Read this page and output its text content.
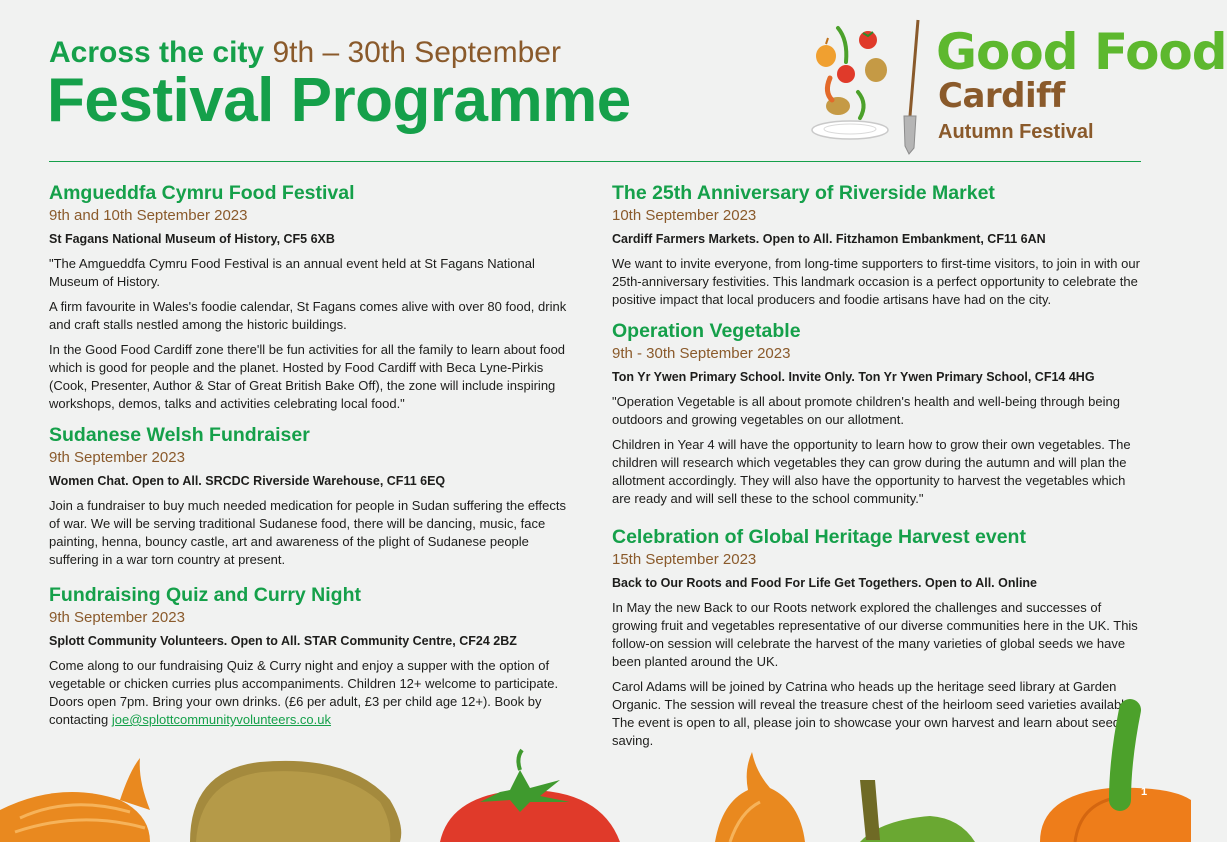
Across the city 9th – 30th September
Festival Programme
Good Food
Cardiff
Autumn Festival

Amgueddfa Cymru Food Festival

9th and 10th September 2023

St Fagans National Museum of History, CF5 6XB

"The Amgueddfa Cymru Food Festival is an annual event held at St Fagans National Museum of History.

A firm favourite in Wales's foodie calendar, St Fagans comes alive with over 80 food, drink and craft stalls nestled among the historic buildings.

In the Good Food Cardiff zone there'll be fun activities for all the family to learn about food which is good for people and the planet. Hosted by Food Cardiff with Beca Lyne-Pirkis (Cook, Presenter, Author & Star of Great British Bake Off), the zone will include inspiring workshops, demos, talks and activities celebrating local food."

Sudanese Welsh Fundraiser

9th September 2023

Women Chat. Open to All. SRCDC Riverside Warehouse, CF11 6EQ

Join a fundraiser to buy much needed medication for people in Sudan suffering the effects of war. We will be serving traditional Sudanese food, there will be dancing, music, face painting, henna, bouncy castle, art and awareness of the plight of Sudanese people suffering in a war torn country at present.

Fundraising Quiz and Curry Night

9th September 2023

Splott Community Volunteers. Open to All. STAR Community Centre, CF24 2BZ

Come along to our fundraising Quiz & Curry night and enjoy a supper with the option of vegetable or chicken curries plus accompaniments. Children 12+ welcome to participate. Doors open 7pm. Bring your own drinks. (£6 per adult, £3 per child age 12+). Book by contacting joe@splottcommunityvolunteers.co.uk

The 25th Anniversary of Riverside Market

10th September 2023

Cardiff Farmers Markets. Open to All. Fitzhamon Embankment, CF11 6AN

We want to invite everyone, from long-time supporters to first-time visitors, to join in with our 25th-anniversary festivities. This landmark occasion is a perfect opportunity to celebrate the positive impact that local producers and foodie artisans have had on the city.

Operation Vegetable

9th - 30th September 2023

Ton Yr Ywen Primary School. Invite Only. Ton Yr Ywen Primary School, CF14 4HG

"Operation Vegetable is all about promote children's health and well-being through being outdoors and growing vegetables on our allotment.

Children in Year 4 will have the opportunity to learn how to grow their own vegetables. The children will research which vegetables they can grow during the autumn and will plan the allotment accordingly. They will also have the opportunity to harvest the vegetables which are ready and will sell these to the school community."

Celebration of Global Heritage Harvest event

15th September 2023

Back to Our Roots and Food For Life Get Togethers. Open to All. Online

In May the new Back to our Roots network explored the challenges and successes of growing fruit and vegetables representative of our diverse communities here in the UK. This follow-on session will celebrate the harvest of the many varieties of global seeds we have been planted around the UK.

Carol Adams will be joined by Catrina who heads up the heritage seed library at Garden Organic. The session will reveal the treasure chest of the heirloom seed varieties available. The event is open to all, please join to showcase your own harvest and learn about seed saving.

1
